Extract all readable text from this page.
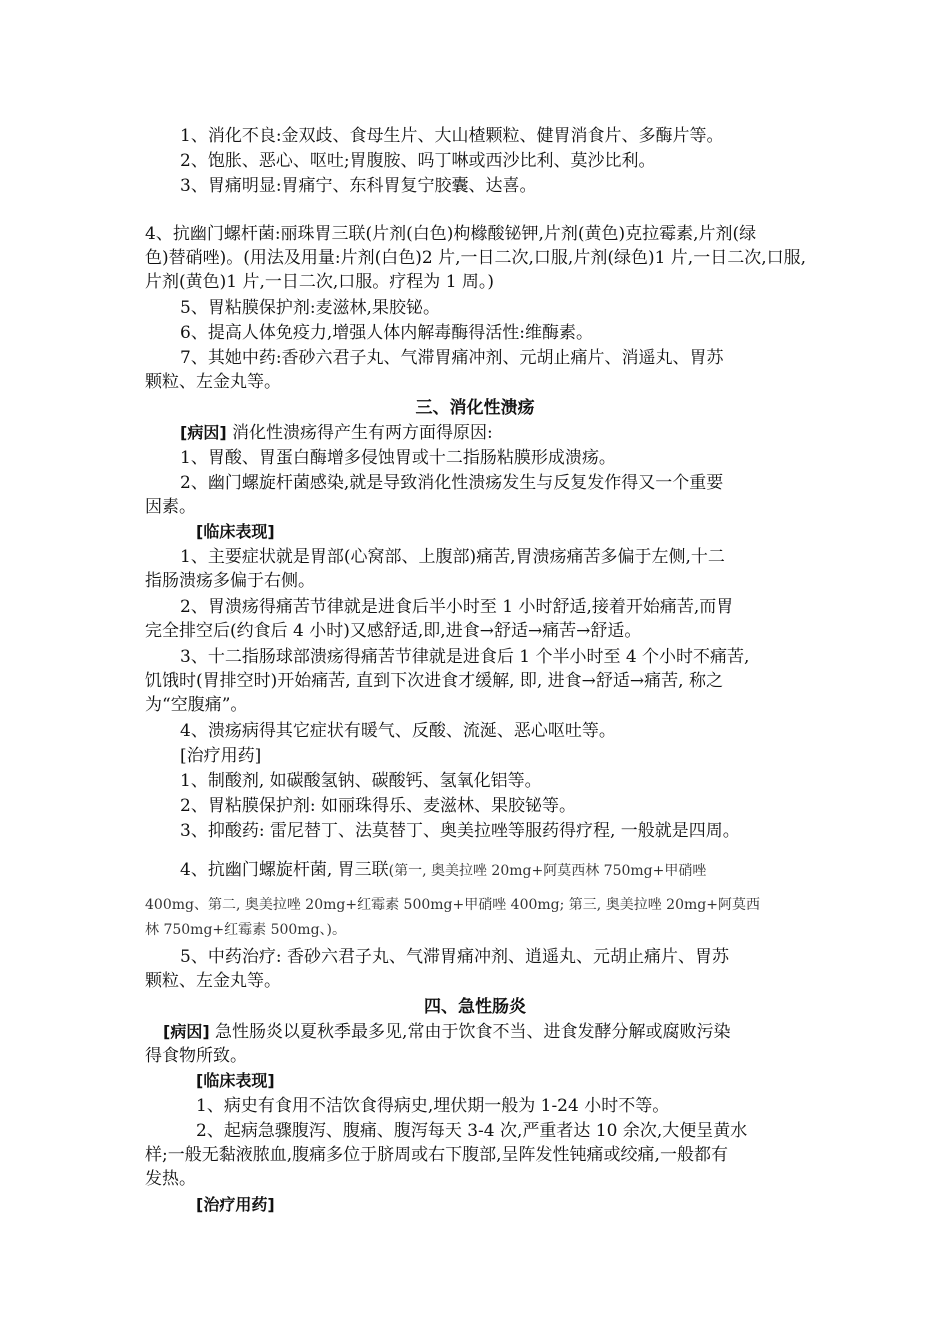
1、消化不良:金双歧、食母生片、大山楂颗粒、健胃消食片、多酶片等。
2、饱胀、恶心、呕吐;胃腹胺、吗丁啉或西沙比利、莫沙比利。
3、胃痛明显:胃痛宁、东科胃复宁胶囊、达喜。
4、抗幽门螺杆菌:丽珠胃三联(片剂(白色)枸橼酸铋钾,片剂(黄色)克拉霉素,片剂(绿
色)替硝唑)。(用法及用量:片剂(白色)2 片,一日二次,口服,片剂(绿色)1 片,一日二次,口服,
片剂(黄色)1 片,一日二次,口服。疗程为 1 周。)
5、胃粘膜保护剂:麦滋林,果胶铋。
6、提高人体免疫力,增强人体内解毒酶得活性:维酶素。
7、其她中药:香砂六君子丸、气滞胃痛冲剂、元胡止痛片、消遥丸、胃苏
颗粒、左金丸等。
三、消化性溃疡
[病因] 消化性溃疡得产生有两方面得原因:
1、胃酸、胃蛋白酶增多侵蚀胃或十二指肠粘膜形成溃疡。
2、幽门螺旋杆菌感染,就是导致消化性溃疡发生与反复发作得又一个重要
因素。
[临床表现]
1、主要症状就是胃部(心窝部、上腹部)痛苦,胃溃疡痛苦多偏于左侧,十二
指肠溃疡多偏于右侧。
2、胃溃疡得痛苦节律就是进食后半小时至 1 小时舒适,接着开始痛苦,而胃
完全排空后(约食后 4 小时)又感舒适,即,进食→舒适→痛苦→舒适。
3、十二指肠球部溃疡得痛苦节律就是进食后 1 个半小时至 4 个小时不痛苦,
饥饿时(胃排空时)开始痛苦, 直到下次进食才缓解, 即, 进食→舒适→痛苦, 称之
为“空腹痛”。
4、溃疡病得其它症状有暖气、反酸、流涎、恶心呕吐等。
[治疗用药]
1、制酸剂, 如碳酸氢钠、碳酸钙、氢氧化铝等。
2、胃粘膜保护剂: 如丽珠得乐、麦滋林、果胶铋等。
3、抑酸药: 雷尼替丁、法莫替丁、奥美拉唑等服药得疗程, 一般就是四周。
4、抗幽门螺旋杆菌, 胃三联(第一, 奥美拉唑 20mg+阿莫西林 750mg+甲硝唑
400mg、第二, 奥美拉唑 20mg+红霉素 500mg+甲硝唑 400mg; 第三, 奥美拉唑 20mg+阿莫西
林 750mg+红霉素 500mg、)。
5、中药治疗: 香砂六君子丸、气滞胃痛冲剂、逍遥丸、元胡止痛片、胃苏
颗粒、左金丸等。
四、急性肠炎
[病因] 急性肠炎以夏秋季最多见,常由于饮食不当、进食发酵分解或腐败污染
得食物所致。
[临床表现]
1、病史有食用不洁饮食得病史,埋伏期一般为 1-24 小时不等。
2、起病急骤腹泻、腹痛、腹泻每天 3-4 次,严重者达 10 余次,大便呈黄水
样;一般无黏液脓血,腹痛多位于脐周或右下腹部,呈阵发性钝痛或绞痛,一般都有
发热。
[治疗用药]
